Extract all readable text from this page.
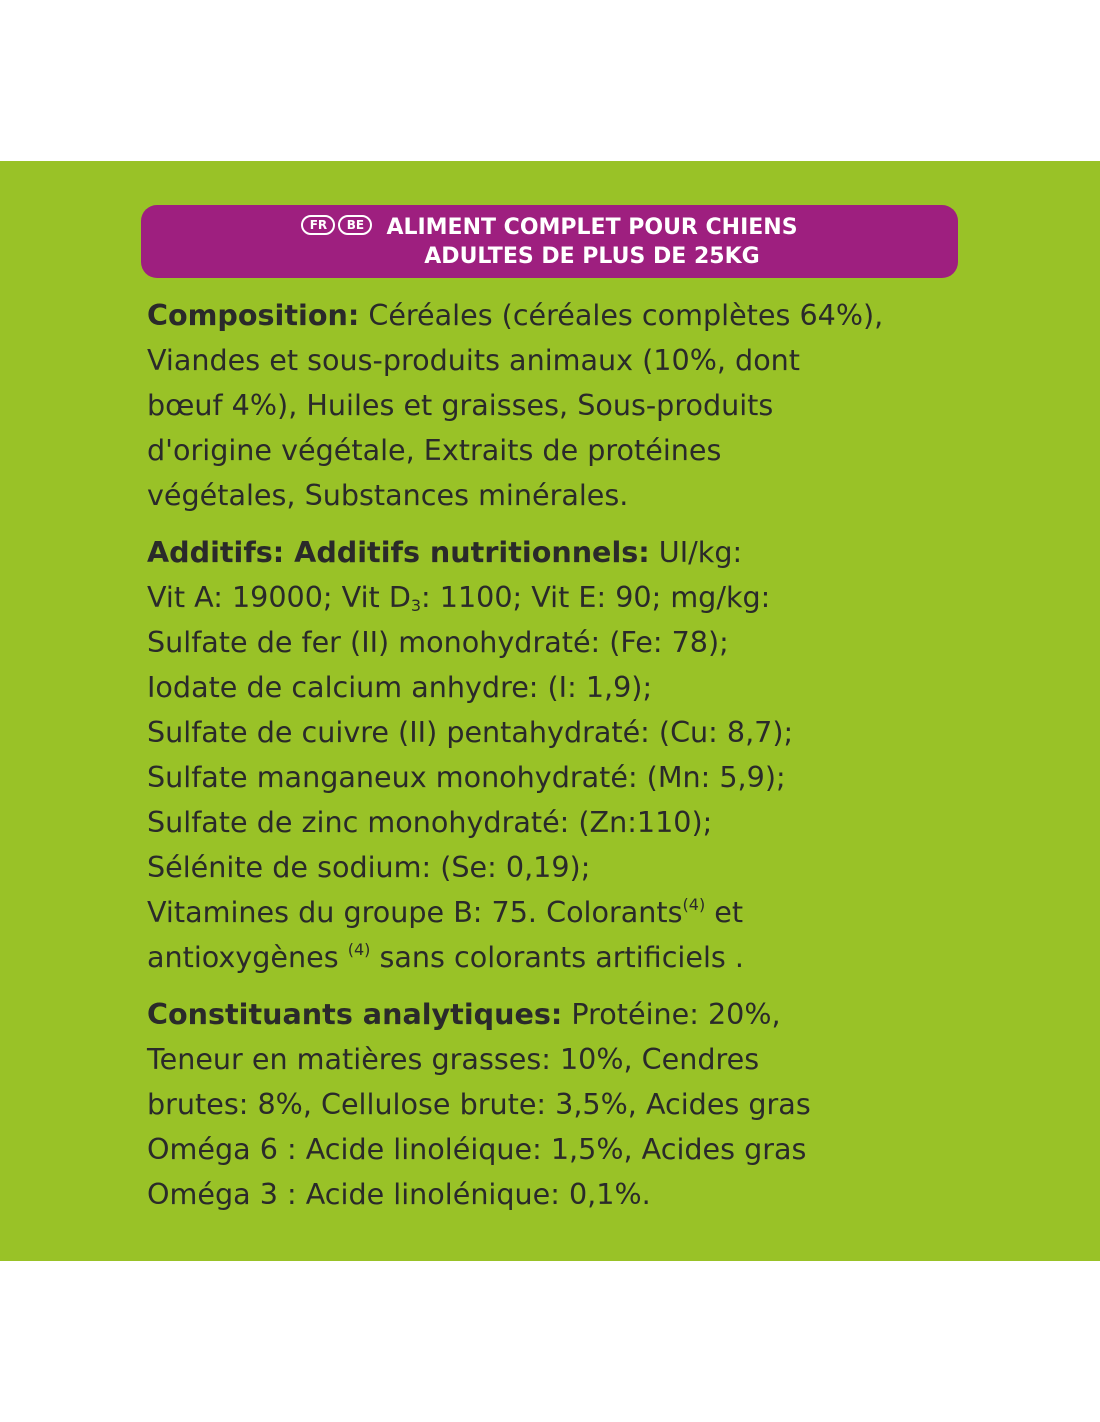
FR	BE	ALIMENT COMPLET POUR CHIENS
ADULTES DE PLUS DE 25KG
Composition: Céréales (céréales complètes 64%),
Viandes et sous-produits animaux (10%, dont
bœuf 4%), Huiles et graisses, Sous-produits
d'origine végétale, Extraits de protéines
végétales, Substances minérales.
Additifs: Additifs nutritionnels: UI/kg:
Vit A: 19000; Vit $D_3$: 1100; Vit E: 90; mg/kg:
Sulfate de fer (II) monohydraté: (Fe: 78);
Iodate de calcium anhydre: (I: 1,9);
Sulfate de cuivre (II) pentahydraté: (Cu: 8,7);
Sulfate manganeux monohydraté: (Mn: 5,9);
Sulfate de zinc monohydraté: (Zn:110);
Sélénite de sodium: (Se: 0,19);
Vitamines du groupe B: 75. Colorants$^{(4)}$ et
antioxygènes $^{(4)}$ sans colorants artificiels .
Constituants analytiques: Protéine: 20%,
Teneur en matières grasses: 10%, Cendres
brutes: 8%, Cellulose brute: 3,5%, Acides gras
Oméga 6 : Acide linoléique: 1,5%, Acides gras
Oméga 3 : Acide linolénique: 0,1%.
